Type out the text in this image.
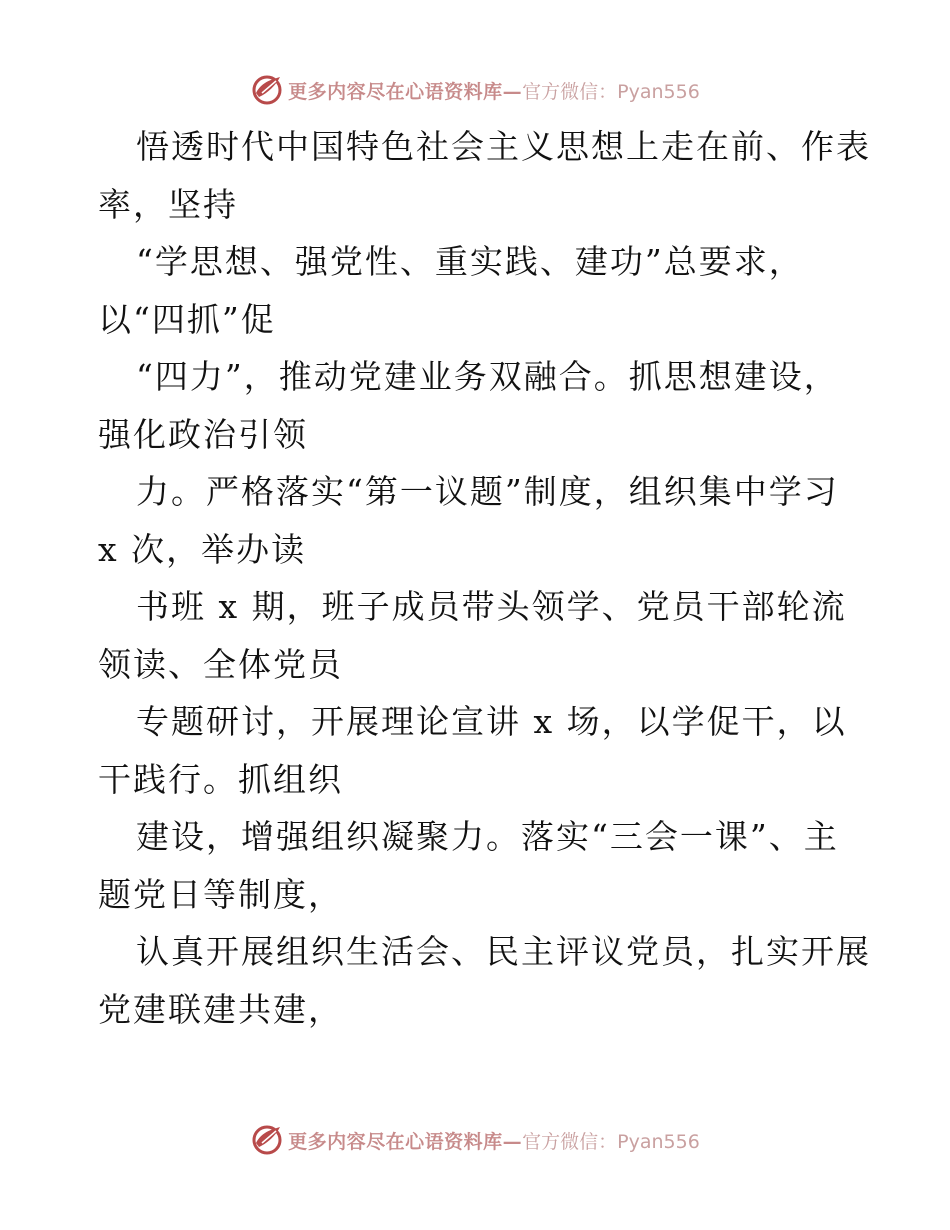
更多内容尽在心语资料库— 官方微信：Pyan556
悟透时代中国特色社会主义思想上走在前、作表
率，坚持
“学思想、强党性、重实践、建功”总要求，
以“四抓”促
“四力”，推动党建业务双融合。抓思想建设，
强化政治引领
力。严格落实“第一议题”制度，组织集中学习
x 次，举办读
书班 x 期，班子成员带头领学、党员干部轮流
领读、全体党员
专题研讨，开展理论宣讲 x 场，以学促干，以
干践行。抓组织
建设，增强组织凝聚力。落实“三会一课”、主
题党日等制度，
认真开展组织生活会、民主评议党员，扎实开展
党建联建共建，
更多内容尽在心语资料库— 官方微信：Pyan556
